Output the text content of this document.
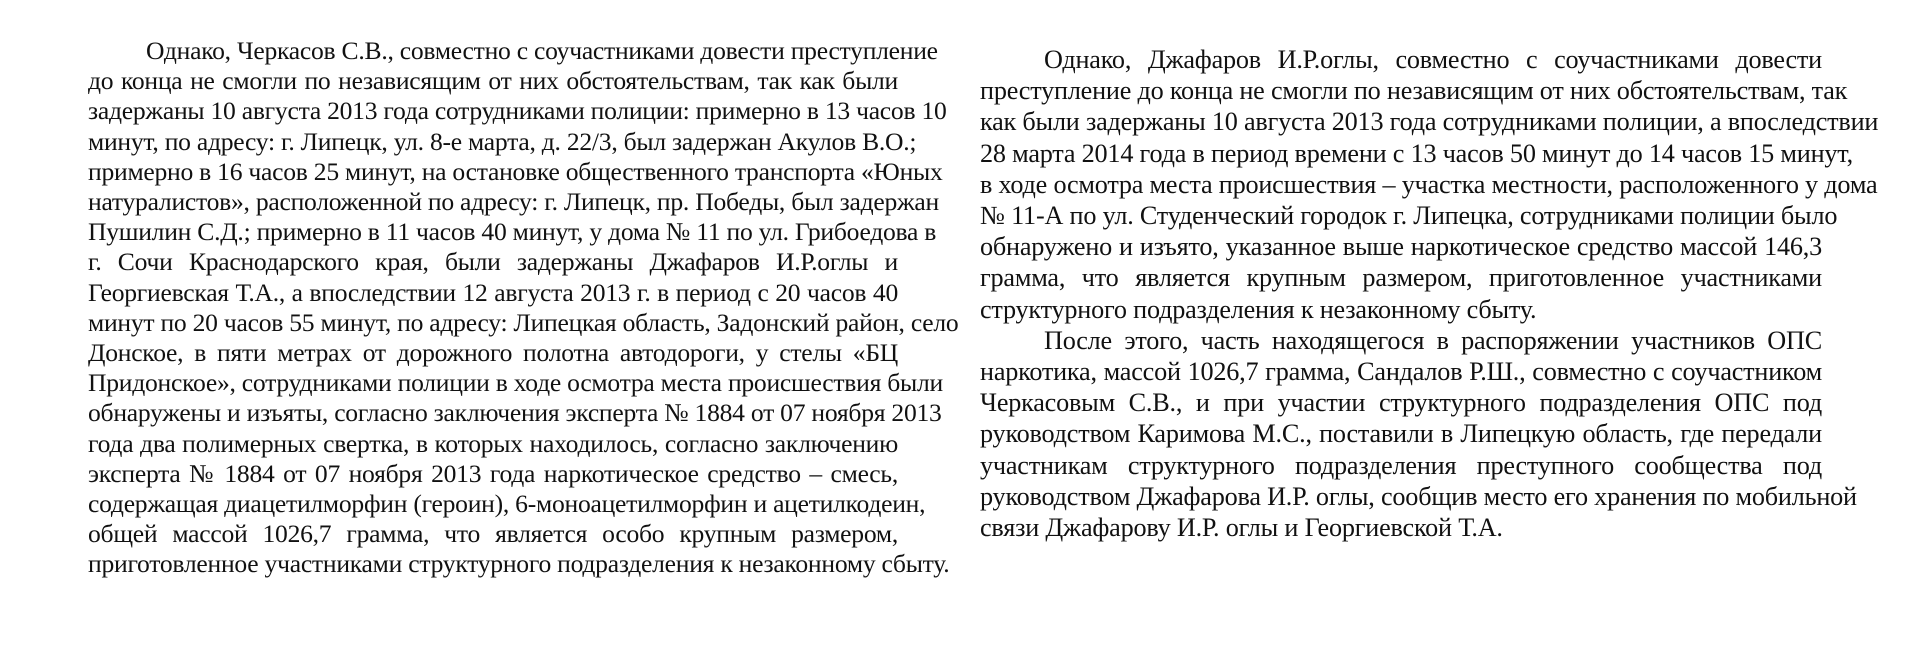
Однако, Черкасов С.В., совместно с соучастниками довести преступление
до конца не смогли по независящим от них обстоятельствам, так как были
задержаны 10 августа 2013 года сотрудниками полиции: примерно в 13 часов 10
минут, по адресу: г. Липецк, ул. 8-е марта, д. 22/3, был задержан Акулов В.О.;
примерно в 16 часов 25 минут, на остановке общественного транспорта «Юных
натуралистов», расположенной по адресу: г. Липецк, пр. Победы, был задержан
Пушилин С.Д.; примерно в 11 часов 40 минут, у дома № 11 по ул. Грибоедова в
г. Сочи Краснодарского края, были задержаны Джафаров И.Р.оглы и
Георгиевская Т.А., а впоследствии 12 августа 2013 г. в период с 20 часов 40
минут по 20 часов 55 минут, по адресу: Липецкая область, Задонский район, село
Донское, в пяти метрах от дорожного полотна автодороги, у стелы «БЦ
Придонское», сотрудниками полиции в ходе осмотра места происшествия были
обнаружены и изъяты, согласно заключения эксперта № 1884 от 07 ноября 2013
года два полимерных свертка, в которых находилось, согласно заключению
эксперта № 1884 от 07 ноября 2013 года наркотическое средство – смесь,
содержащая диацетилморфин (героин), 6-моноацетилморфин и ацетилкодеин,
общей массой 1026,7 грамма, что является особо крупным размером,
приготовленное участниками структурного подразделения к незаконному сбыту.
Однако, Джафаров И.Р.оглы, совместно с соучастниками довести
преступление до конца не смогли по независящим от них обстоятельствам, так
как были задержаны 10 августа 2013 года сотрудниками полиции, а впоследствии
28 марта 2014 года в период времени с 13 часов 50 минут до 14 часов 15 минут,
в ходе осмотра места происшествия – участка местности, расположенного у дома
№ 11-А по ул. Студенческий городок г. Липецка, сотрудниками полиции было
обнаружено и изъято, указанное выше наркотическое средство массой 146,3
грамма, что является крупным размером, приготовленное участниками
структурного подразделения к незаконному сбыту.
После этого, часть находящегося в распоряжении участников ОПС
наркотика, массой 1026,7 грамма, Сандалов Р.Ш., совместно с соучастником
Черкасовым С.В., и при участии структурного подразделения ОПС под
руководством Каримова М.С., поставили в Липецкую область, где передали
участникам структурного подразделения преступного сообщества под
руководством Джафарова И.Р. оглы, сообщив место его хранения по мобильной
связи Джафарову И.Р. оглы и Георгиевской Т.А.
